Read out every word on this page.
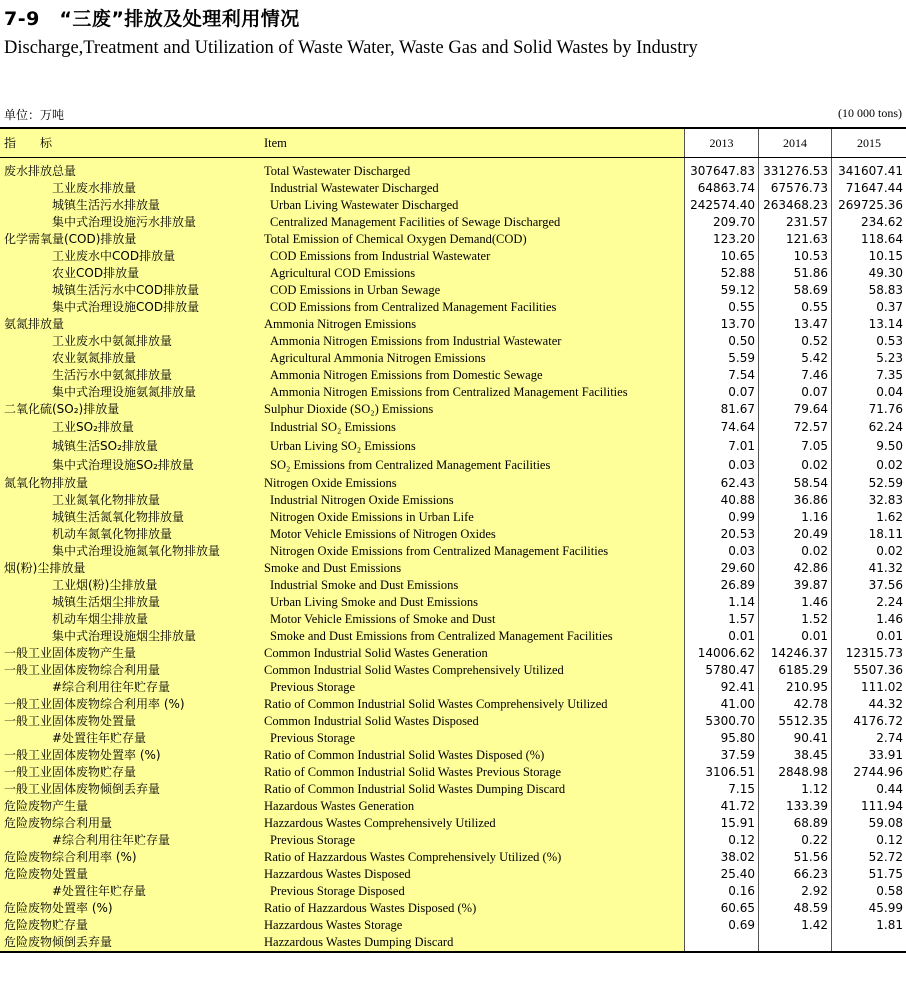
7-9　“三废”排放及处理利用情况
Discharge,Treatment and Utilization of Waste Water, Waste Gas and Solid Wastes by Industry
单位：万吨	(10 000 tons)
指　　标	Item	2013	2014	2015
废水排放总量	Total Wastewater Discharged	307647.83 331276.53 341607.41
工业废水排放量	Industrial Wastewater Discharged	64863.74	67576.73	71647.44
城镇生活污水排放量	Urban Living Wastewater Discharged	242574.40 263468.23 269725.36
集中式治理设施污水排放量	Centralized Management Facilities of Sewage Discharged	209.70	231.57	234.62
化学需氧量(COD)排放量	Total Emission of Chemical Oxygen Demand(COD)	123.20	121.63	118.64
工业废水中COD排放量	COD Emissions from Industrial Wastewater	10.65	10.53	10.15
农业COD排放量	Agricultural COD Emissions	52.88	51.86	49.30
城镇生活污水中COD排放量	COD Emissions in Urban Sewage	59.12	58.69	58.83
集中式治理设施COD排放量	COD Emissions from Centralized Management Facilities	0.55	0.55	0.37
氨氮排放量	Ammonia Nitrogen Emissions	13.70	13.47	13.14
工业废水中氨氮排放量	Ammonia Nitrogen Emissions from Industrial Wastewater	0.50	0.52	0.53
农业氨氮排放量	Agricultural Ammonia Nitrogen Emissions	5.59	5.42	5.23
生活污水中氨氮排放量	Ammonia Nitrogen Emissions from Domestic Sewage	7.54	7.46	7.35
集中式治理设施氨氮排放量	Ammonia Nitrogen Emissions from Centralized Management Facilities	0.07	0.07	0.04
二氧化硫(SO₂)排放量	Sulphur Dioxide (SO₂) Emissions	81.67	79.64	71.76
工业SO₂排放量	Industrial SO₂ Emissions	74.64	72.57	62.24
城镇生活SO₂排放量	Urban Living SO₂ Emissions	7.01	7.05	9.50
集中式治理设施SO₂排放量	SO₂ Emissions from Centralized Management Facilities	0.03	0.02	0.02
氮氧化物排放量	Nitrogen Oxide Emissions	62.43	58.54	52.59
工业氮氧化物排放量	Industrial Nitrogen Oxide Emissions	40.88	36.86	32.83
城镇生活氮氧化物排放量	Nitrogen Oxide Emissions in Urban Life	0.99	1.16	1.62
机动车氮氧化物排放量	Motor Vehicle Emissions of Nitrogen Oxides	20.53	20.49	18.11
集中式治理设施氮氧化物排放量	Nitrogen Oxide Emissions from Centralized Management Facilities	0.03	0.02	0.02
烟(粉)尘排放量	Smoke and Dust Emissions	29.60	42.86	41.32
工业烟(粉)尘排放量	Industrial Smoke and Dust Emissions	26.89	39.87	37.56
城镇生活烟尘排放量	Urban Living Smoke and Dust Emissions	1.14	1.46	2.24
机动车烟尘排放量	Motor Vehicle Emissions of Smoke and Dust	1.57	1.52	1.46
集中式治理设施烟尘排放量	Smoke and Dust Emissions from Centralized Management Facilities	0.01	0.01	0.01
一般工业固体废物产生量	Common Industrial Solid Wastes Generation	14006.62	14246.37	12315.73
一般工业固体废物综合利用量	Common Industrial Solid Wastes Comprehensively Utilized	5780.47	6185.29	5507.36
#综合利用往年贮存量	Previous Storage	92.41	210.95	111.02
一般工业固体废物综合利用率 (%)	Ratio of Common Industrial Solid Wastes Comprehensively Utilized	41.00	42.78	44.32
一般工业固体废物处置量	Common Industrial Solid Wastes Disposed	5300.70	5512.35	4176.72
#处置往年贮存量	Previous Storage	95.80	90.41	2.74
一般工业固体废物处置率 (%)	Ratio of Common Industrial Solid Wastes Disposed (%)	37.59	38.45	33.91
一般工业固体废物贮存量	Ratio of Common Industrial Solid Wastes Previous Storage	3106.51	2848.98	2744.96
一般工业固体废物倾倒丢弃量	Ratio of Common Industrial Solid Wastes Dumping Discard	7.15	1.12	0.44
危险废物产生量	Hazardous Wastes Generation	41.72	133.39	111.94
危险废物综合利用量	Hazzardous Wastes Comprehensively Utilized	15.91	68.89	59.08
#综合利用往年贮存量	Previous Storage	0.12	0.22	0.12
危险废物综合利用率 (%)	Ratio of Hazzardous Wastes Comprehensively Utilized (%)	38.02	51.56	52.72
危险废物处置量	Hazzardous Wastes Disposed	25.40	66.23	51.75
#处置往年贮存量	Previous Storage Disposed	0.16	2.92	0.58
危险废物处置率 (%)	Ratio of Hazzardous Wastes Disposed (%)	60.65	48.59	45.99
危险废物贮存量	Hazzardous Wastes Storage	0.69	1.42	1.81
危险废物倾倒丢弃量	Hazzardous Wastes Dumping Discard
